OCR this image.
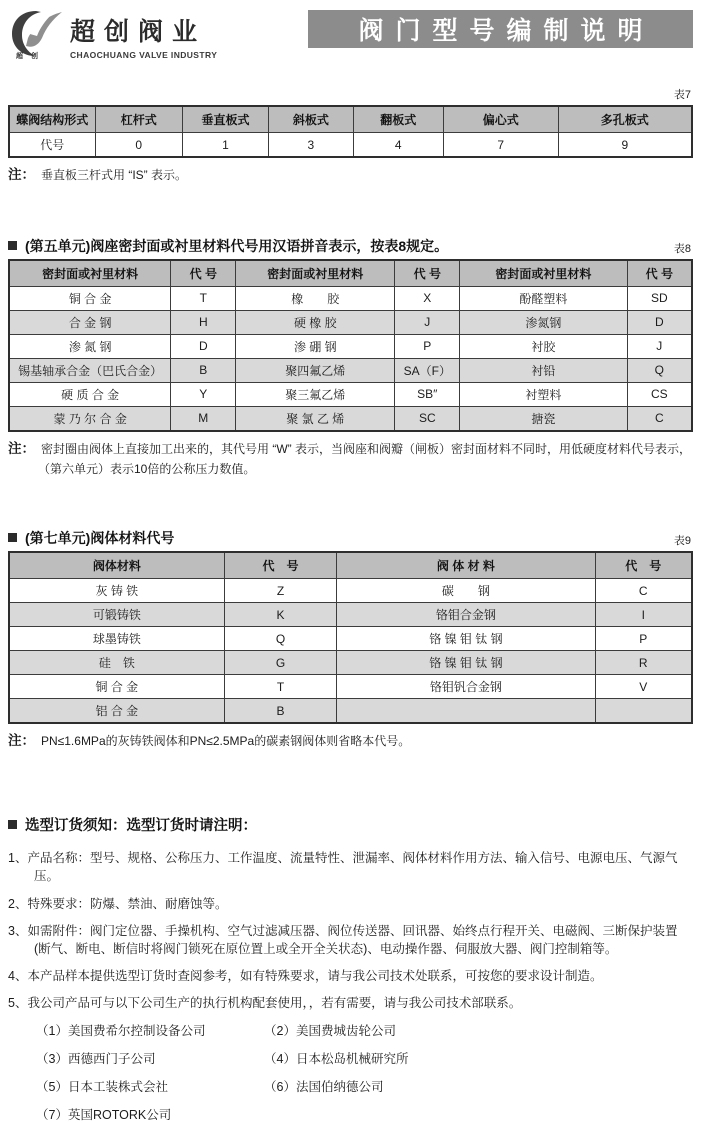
超创
超创阀业
CHAOCHUANG VALVE INDUSTRY
阀门型号编制说明
表7
蝶阀结构形式	杠杆式	垂直板式	斜板式	翻板式	偏心式	多孔板式
代号	0	1	3	4	7	9
注： 垂直板三杆式用 “IS” 表示。
(第五单元)阀座密封面或衬里材料代号用汉语拼音表示，按表8规定。	表8
密封面或衬里材料	代 号	密封面或衬里材料	代 号	密封面或衬里材料	代 号
铜 合 金	T	橡　　胶	X	酚醛塑料	SD
合 金 钢	H	硬 橡 胶	J	渗氮钢	D
渗 氮 钢	D	渗 硼 钢	P	衬胶	J
锡基轴承合金（巴氏合金）	B	聚四氟乙烯	SA（F）	衬铅	Q
硬 质 合 金	Y	聚三氟乙烯	SB″	衬塑料	CS
蒙 乃 尔 合 金	M	聚 氯 乙 烯	SC	搪瓷	C
注： 密封圈由阀体上直接加工出来的，其代号用 “W” 表示，当阀座和阀瓣（闸板）密封面材料不同时，用低硬度材料代号表示，
（第六单元）表示10倍的公称压力数值。
(第七单元)阀体材料代号	表9
阀体材料	代　号	阀 体 材 料	代　号
灰 铸 铁	Z	碳　　钢	C
可锻铸铁	K	铬钼合金钢	I
球墨铸铁	Q	铬 镍 钼 钛 钢	P
硅　铁	G	铬 镍 钼 钛 钢	R
铜 合 金	T	铬钼钒合金钢	V
铝 合 金	B		
注： PN≤1.6MPa的灰铸铁阀体和PN≤2.5MPa的碳素钢阀体则省略本代号。
选型订货须知：选型订货时请注明：
1、产品名称：型号、规格、公称压力、工作温度、流量特性、泄漏率、阀体材料作用方法、输入信号、电源电压、气源气压。
2、特殊要求：防爆、禁油、耐磨蚀等。
3、如需附件：阀门定位器、手操机构、空气过滤减压器、阀位传送器、回讯器、始终点行程开关、电磁阀、三断保护装置(断气、断电、断信时将阀门锁死在原位置上或全开全关状态)、电动操作器、伺服放大器、阀门控制箱等。
4、本产品样本提供选型订货时查阅参考，如有特殊要求，请与我公司技术处联系，可按您的要求设计制造。
5、我公司产品可与以下公司生产的执行机构配套使用，，若有需要，请与我公司技术部联系。
（1）美国费希尔控制设备公司	（2）美国费城齿轮公司
（3）西德西门子公司	（4）日本松岛机械研究所
（5）日本工装株式会社	（6）法国伯纳德公司
（7）英国ROTORK公司
